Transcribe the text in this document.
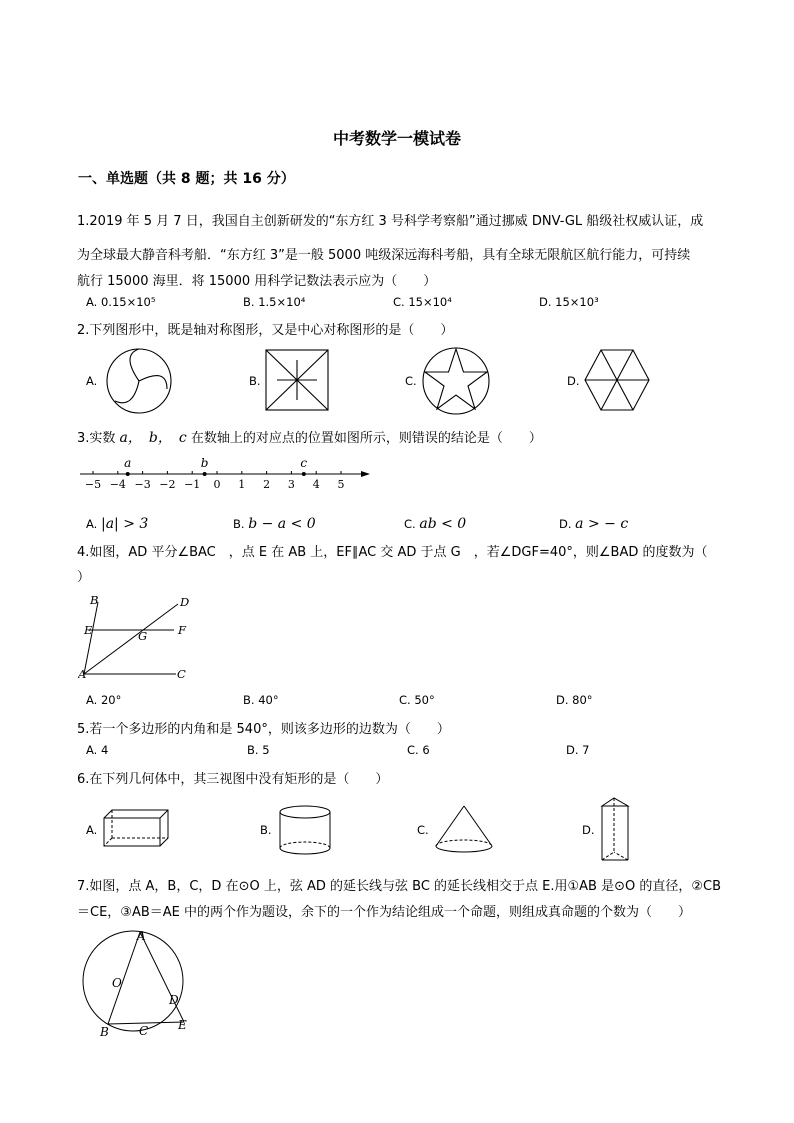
中考数学一模试卷
一、单选题（共 8 题；共 16 分）
1.2019 年 5 月 7 日，我国自主创新研发的“东方红 3 号科学考察船”通过挪威 DNV-GL 船级社权威认证，成
为全球最大静音科考船．“东方红 3”是一般 5000 吨级深远海科考船，具有全球无限航区航行能力，可持续
航行 15000 海里．将 15000 用科学记数法表示应为（　　）
A. 0.15×10⁵	B. 1.5×10⁴	C. 15×10⁴	D. 15×10³
2.下列图形中，既是轴对称图形，又是中心对称图形的是（　　）
A.	B.	C.	D.
3.实数 a，　b，　c 在数轴上的对应点的位置如图所示，则错误的结论是（　　）
−5 −4 −3 −2 −1 0 1 2 3 4 5
a	b	c
A. |a| > 3	B. b − a < 0	C. ab < 0	D. a > − c
4.如图，AD 平分∠BAC　，点 E 在 AB 上，EF∥AC 交 AD 于点 G　，若∠DGF=40°，则∠BAD 的度数为（
）
B	D
E	G	F
A	C
A. 20°	B. 40°	C. 50°	D. 80°
5.若一个多边形的内角和是 540°，则该多边形的边数为（　　）
A. 4	B. 5	C. 6	D. 7
6.在下列几何体中，其三视图中没有矩形的是（　　）
A.	B.	C.	D.
7.如图，点 A，B，C，D 在⊙O 上，弦 AD 的延长线与弦 BC 的延长线相交于点 E.用①AB 是⊙O 的直径，②CB
＝CE，③AB＝AE 中的两个作为题设，余下的一个作为结论组成一个命题，则组成真命题的个数为（　　）
A
O
D
B	C E
